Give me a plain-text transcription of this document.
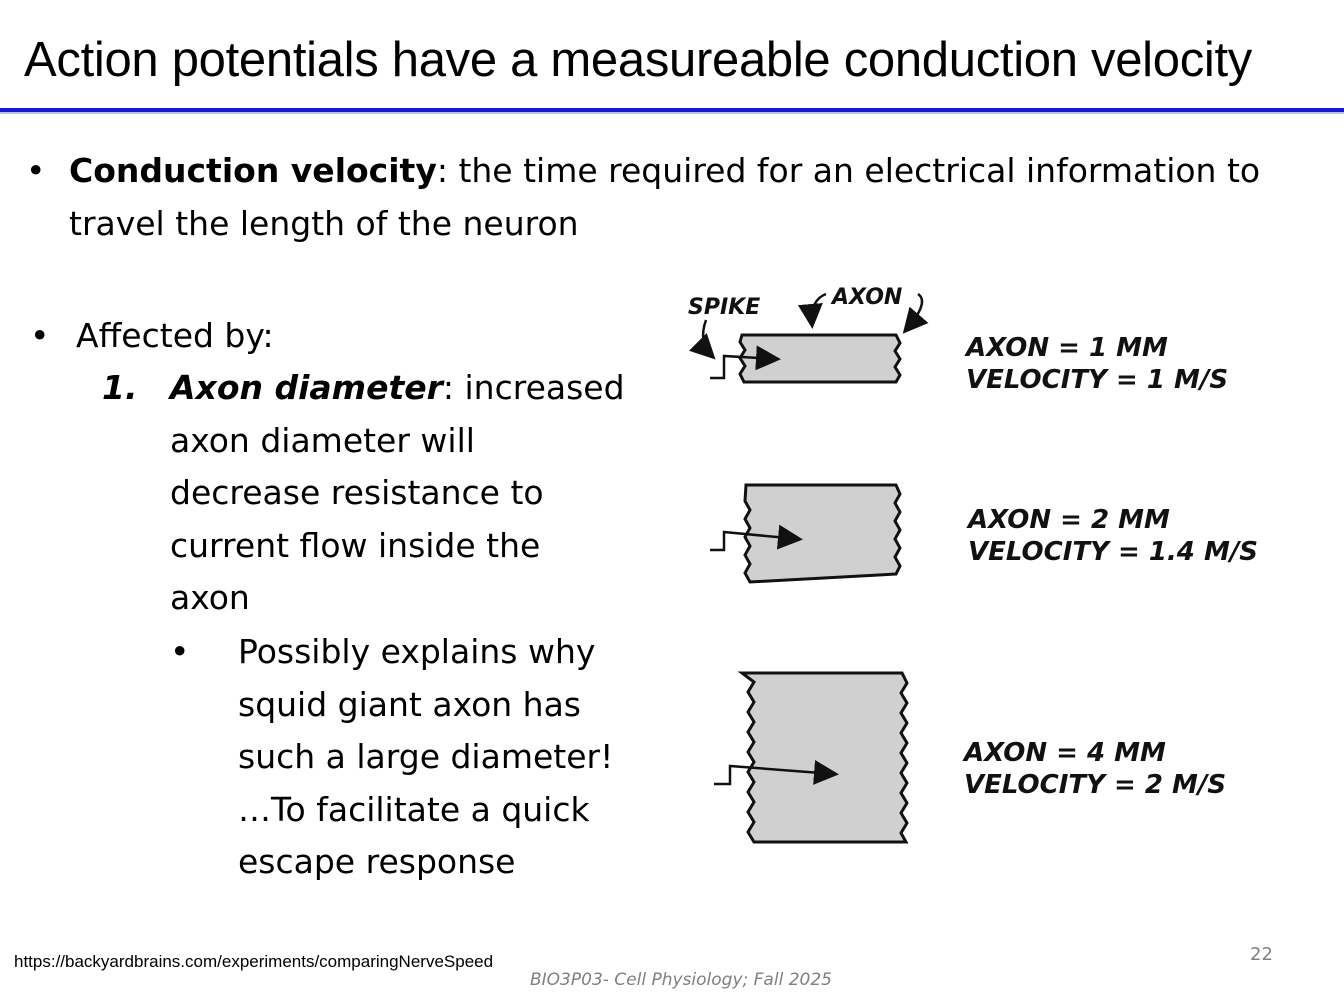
Action potentials have a measureable conduction velocity
• Conduction velocity: the time required for an electrical information to travel the length of the neuron
• Affected by:
1. Axon diameter: increased axon diameter will decrease resistance to current flow inside the axon
• Possibly explains why squid giant axon has such a large diameter! …To facilitate a quick escape response
SPIKE	AXON
AXON = 1 MM
VELOCITY = 1 M/S
AXON = 2 MM
VELOCITY = 1.4 M/S
AXON = 4 MM
VELOCITY = 2 M/S
https://backyardbrains.com/experiments/comparingNerveSpeed
BIO3P03- Cell Physiology; Fall 2025
22
